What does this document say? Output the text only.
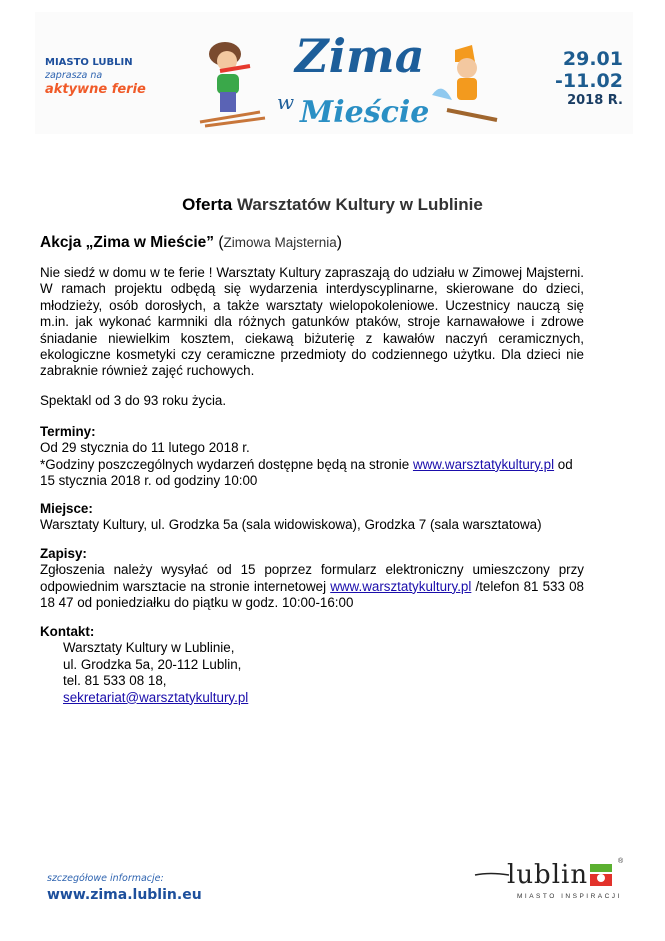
MIASTO LUBLIN
zaprasza na
aktywne ferie
Zima
w Mieście
29.01
-11.02
2018 R.
Oferta Warsztatów Kultury w Lublinie
Akcja „Zima w Mieście” (Zimowa Majsternia)
Nie siedź w domu w te ferie ! Warsztaty Kultury zapraszają do udziału w Zimowej Majsterni. W ramach projektu odbędą się wydarzenia interdyscyplinarne, skierowane do dzieci, młodzieży, osób dorosłych, a także warsztaty wielopokoleniowe. Uczestnicy nauczą się m.in. jak wykonać karmniki dla różnych gatunków ptaków, stroje karnawałowe i zdrowe śniadanie niewielkim kosztem, ciekawą biżuterię z kawałów naczyń ceramicznych, ekologiczne kosmetyki czy ceramiczne przedmioty do codziennego użytku. Dla dzieci nie zabraknie również zajęć ruchowych.
Spektakl od 3 do 93 roku życia.
Terminy:
Od 29 stycznia do 11 lutego 2018 r.
*Godziny poszczególnych wydarzeń dostępne będą na stronie www.warsztatykultury.pl od 15 stycznia 2018 r. od godziny 10:00
Miejsce:
Warsztaty Kultury, ul. Grodzka 5a (sala widowiskowa), Grodzka 7 (sala warsztatowa)
Zapisy:
Zgłoszenia należy wysyłać od 15 poprzez formularz elektroniczny umieszczony przy odpowiednim warsztacie na stronie internetowej www.warsztatykultury.pl /telefon 81 533 08 18 47 od poniedziałku do piątku w godz. 10:00-16:00
Kontakt:
Warsztaty Kultury w Lublinie,
ul. Grodzka 5a, 20-112 Lublin,
tel. 81 533 08 18,
sekretariat@warsztatykultury.pl
szczegółowe informacje:
www.zima.lublin.eu
lublin	®
MIASTO INSPIRACJI
